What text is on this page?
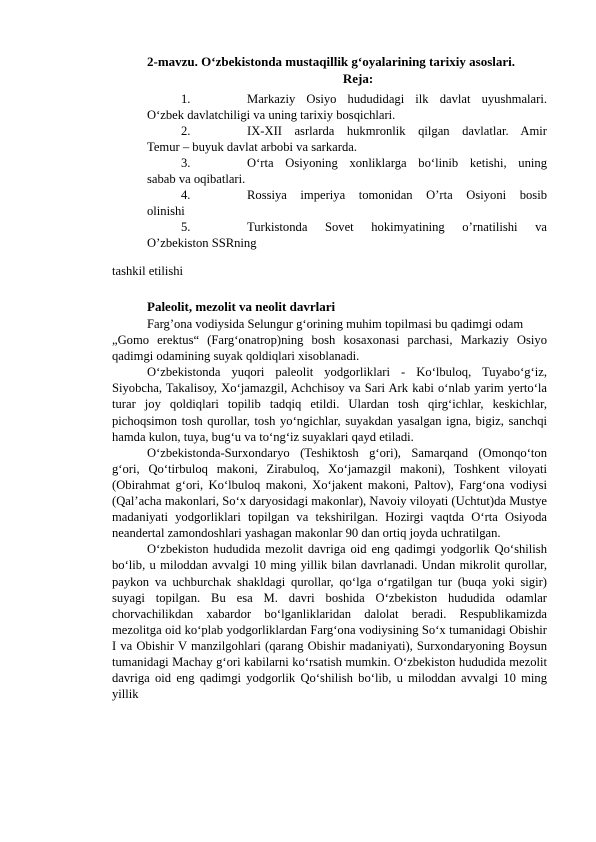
2-mavzu. O‘zbekistonda mustaqillik g‘oyalarining tarixiy asoslari.
Reja:
1.	Markaziy Osiyo hududidagi ilk davlat uyushmalari.
O‘zbek davlatchiligi va uning tarixiy bosqichlari.
2.	IX-XII asrlarda hukmronlik qilgan davlatlar. Amir
Temur – buyuk davlat arbobi va sarkarda.
3.	O‘rta Osiyoning xonliklarga bo‘linib ketishi, uning
sabab va oqibatlari.
4.	Rossiya imperiya tomonidan O’rta Osiyoni bosib
olinishi
5.	Turkistonda Sovet hokimyatining o’rnatilishi va
O’zbekiston SSRning
tashkil etilishi
Paleolit, mezolit va neolit davrlari

Farg’ona vodiysida Selungur g‘orining muhim topilmasi bu qadimgi odam

„Gomo erektus“ (Farg‘onatrop)ning bosh kosaxonasi parchasi, Markaziy Osiyo qadimgi odamining suyak qoldiqlari xisoblanadi.

O‘zbekistonda yuqori paleolit yodgorliklari - Ko‘lbuloq, Tuyabo‘g‘iz, Siyobcha, Takalisoy, Xo‘jamazgil, Achchisoy va Sari Ark kabi o‘nlab yarim yerto‘la turar joy qoldiqlari topilib tadqiq etildi. Ulardan tosh qirg‘ichlar, keskichlar, pichoqsimon tosh qurollar, tosh yo‘ngichlar, suyakdan yasalgan igna, bigiz, sanchqi hamda kulon, tuya, bug‘u va to‘ng‘iz suyaklari qayd etiladi.

O‘zbekistonda-Surxondaryo (Teshiktosh g‘ori), Samarqand (Omonqo‘ton g‘ori, Qo‘tirbuloq makoni, Zirabuloq, Xo‘jamazgil makoni), Toshkent viloyati (Obirahmat g‘ori, Ko‘lbuloq makoni, Xo‘jakent makoni, Paltov), Farg‘ona vodiysi (Qal’acha makonlari, So‘x daryosidagi makonlar), Navoiy viloyati (Uchtut)da Mustye madaniyati yodgorliklari topilgan va tekshirilgan. Hozirgi vaqtda O‘rta Osiyoda neandertal zamondoshlari yashagan makonlar 90 dan ortiq joyda uchratilgan.

O‘zbekiston hududida mezolit davriga oid eng qadimgi yodgorlik Qo‘shilish bo‘lib, u miloddan avvalgi 10 ming yillik bilan davrlanadi. Undan mikrolit qurollar, paykon va uchburchak shakldagi qurollar, qo‘lga o‘rgatilgan tur (buqa yoki sigir) suyagi topilgan. Bu esa M. davri boshida O‘zbekiston hududida odamlar chorvachilikdan xabardor bo‘lganliklaridan dalolat beradi. Respublikamizda mezolitga oid ko‘plab yodgorliklardan Farg‘ona vodiysining So‘x tumanidagi Obishir I va Obishir V manzilgohlari (qarang Obishir madaniyati), Surxondaryoning Boysun tumanidagi Machay g‘ori kabilarni ko‘rsatish mumkin. O‘zbekiston hududida mezolit davriga oid eng qadimgi yodgorlik Qo‘shilish bo‘lib, u miloddan avvalgi 10 ming yillik
